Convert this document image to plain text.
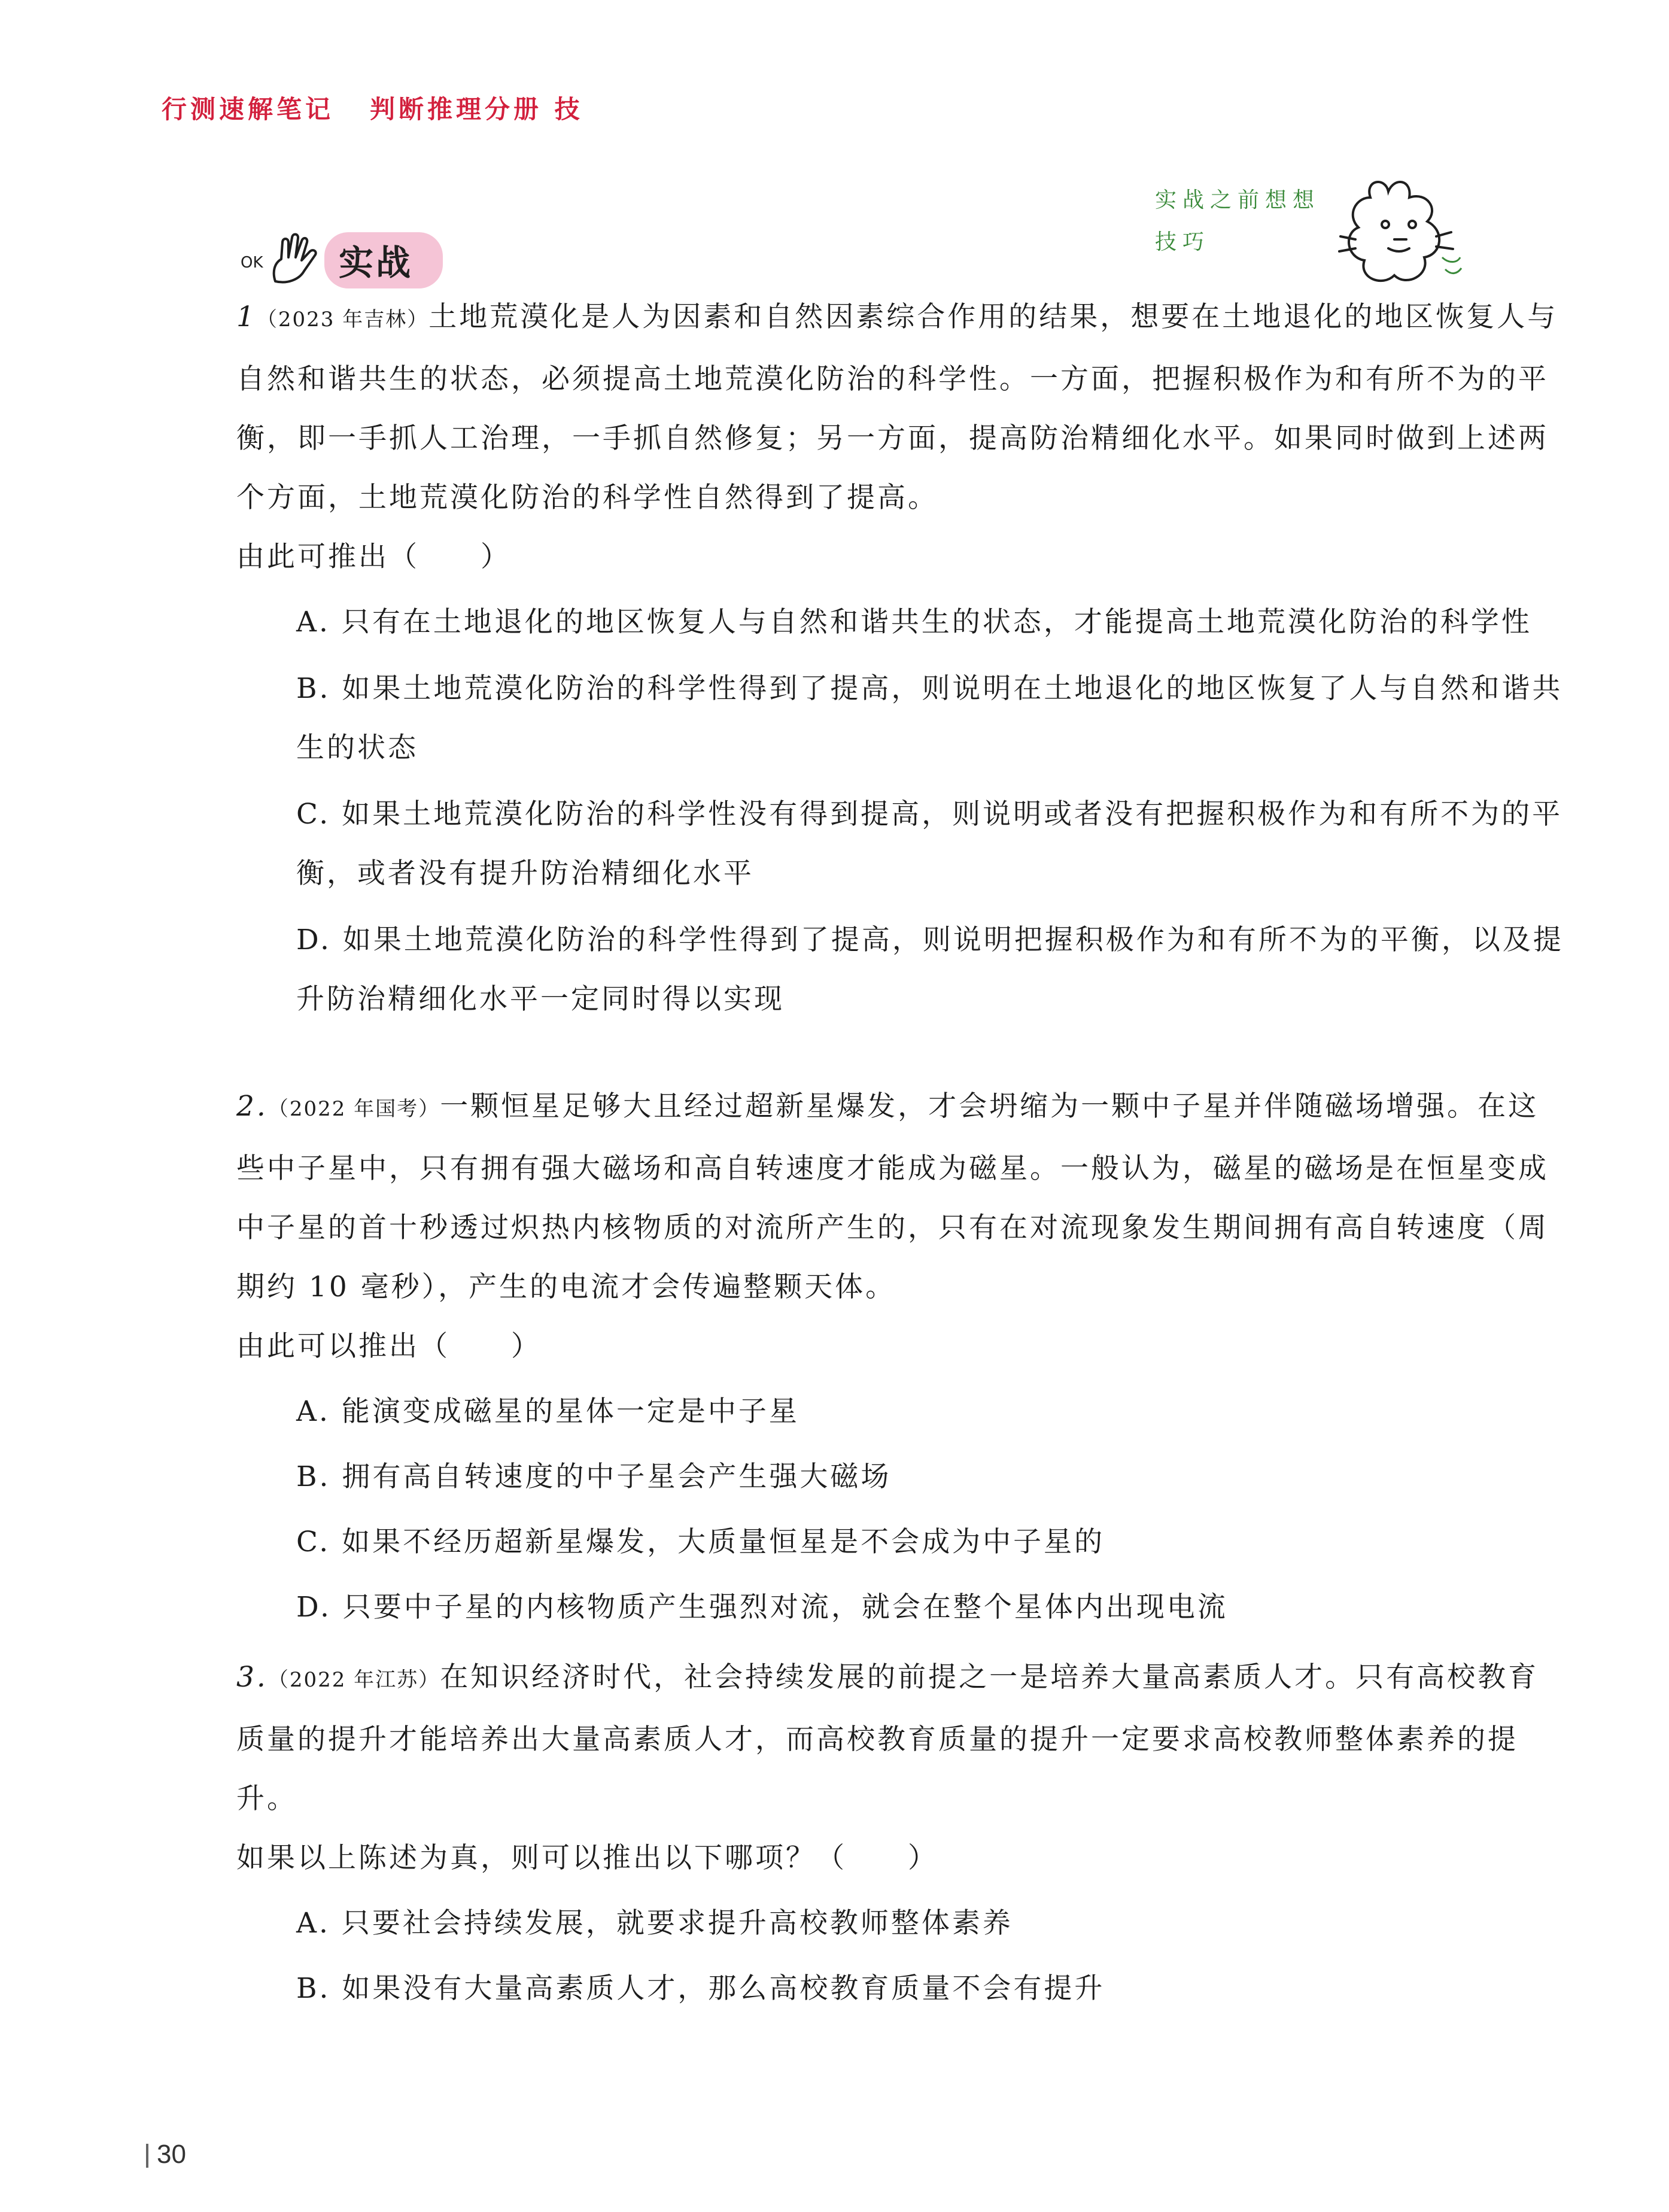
行测速解笔记 判断推理分册 技
实战之前想想
技巧
OK	实战

1（2023 年吉林）土地荒漠化是人为因素和自然因素综合作用的结果，想要在土地退化的地区恢复人与自然和谐共生的状态，必须提高土地荒漠化防治的科学性。一方面，把握积极作为和有所不为的平衡，即一手抓人工治理，一手抓自然修复；另一方面，提高防治精细化水平。如果同时做到上述两个方面，土地荒漠化防治的科学性自然得到了提高。

由此可推出（　　）

A. 只有在土地退化的地区恢复人与自然和谐共生的状态，才能提高土地荒漠化防治的科学性
B. 如果土地荒漠化防治的科学性得到了提高，则说明在土地退化的地区恢复了人与自然和谐共生的状态
C. 如果土地荒漠化防治的科学性没有得到提高，则说明或者没有把握积极作为和有所不为的平衡，或者没有提升防治精细化水平
D. 如果土地荒漠化防治的科学性得到了提高，则说明把握积极作为和有所不为的平衡，以及提升防治精细化水平一定同时得以实现

2.（2022 年国考）一颗恒星足够大且经过超新星爆发，才会坍缩为一颗中子星并伴随磁场增强。在这些中子星中，只有拥有强大磁场和高自转速度才能成为磁星。一般认为，磁星的磁场是在恒星变成中子星的首十秒透过炽热内核物质的对流所产生的，只有在对流现象发生期间拥有高自转速度（周期约 10 毫秒），产生的电流才会传遍整颗天体。

由此可以推出（　　）

A. 能演变成磁星的星体一定是中子星
B. 拥有高自转速度的中子星会产生强大磁场
C. 如果不经历超新星爆发，大质量恒星是不会成为中子星的
D. 只要中子星的内核物质产生强烈对流，就会在整个星体内出现电流

3.（2022 年江苏）在知识经济时代，社会持续发展的前提之一是培养大量高素质人才。只有高校教育质量的提升才能培养出大量高素质人才，而高校教育质量的提升一定要求高校教师整体素养的提升。

如果以上陈述为真，则可以推出以下哪项？（　　）

A. 只要社会持续发展，就要求提升高校教师整体素养
B. 如果没有大量高素质人才，那么高校教育质量不会有提升
30
